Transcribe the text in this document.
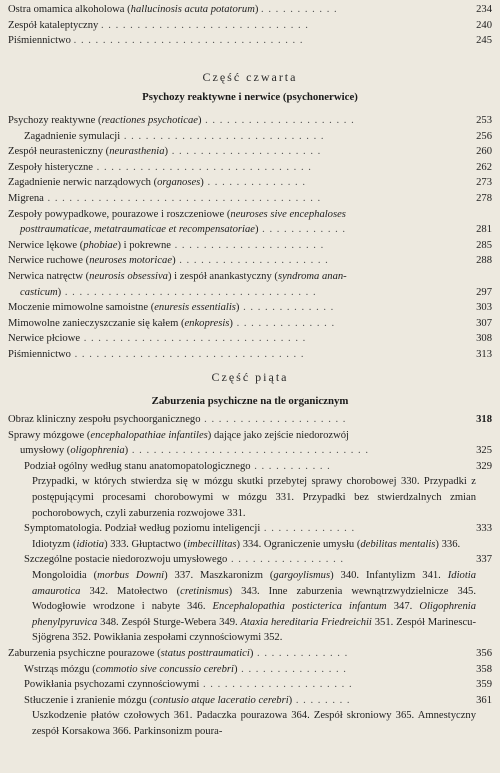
Ostra omamica alkoholowa (hallucinosis acuta potatorum) . . . . . . . . . . .	234
Zespół kataleptyczny . . . . . . . . . . . . . . . . . . . . . . . . . . . . .	240
Piśmiennictwo . . . . . . . . . . . . . . . . . . . . . . . . . . . . . . . .	245
Część czwarta
Psychozy reaktywne i nerwice (psychonerwice)
Psychozy reaktywne (reactiones psychoticae) . . . . . . . . . . . . . . . . . . . . .	253
Zagadnienie symulacji . . . . . . . . . . . . . . . . . . . . . . . . . . . .	256
Zespół neurasteniczny (neurasthenia) . . . . . . . . . . . . . . . . . . . . .	260
Zespoły histeryczne . . . . . . . . . . . . . . . . . . . . . . . . . . . . . .	262
Zagadnienie nerwic narządowych (organoses) . . . . . . . . . . . . . .	273
Migrena . . . . . . . . . . . . . . . . . . . . . . . . . . . . . . . . . . . . . .	278
Zespoły powypadkowe, pourazowe i roszczeniowe (neuroses sive encephaloses
posttraumaticae, metatraumaticae et recompensatoriae) . . . . . . . . . . . .	281
Nerwice lękowe (phobiae) i pokrewne . . . . . . . . . . . . . . . . . . . . .	285
Nerwice ruchowe (neuroses motoricae) . . . . . . . . . . . . . . . . . . . . .	288
Nerwica natręctw (neurosis obsessiva) i zespół anankastyczny (syndroma anan-
casticum) . . . . . . . . . . . . . . . . . . . . . . . . . . . . . . . . . . .	297
Moczenie mimowolne samoistne (enuresis essentialis) . . . . . . . . . . . . .	303
Mimowolne zanieczyszczanie się kałem (enkopresis) . . . . . . . . . . . . . .	307
Nerwice płciowe . . . . . . . . . . . . . . . . . . . . . . . . . . . . . . .	308
Piśmiennictwo . . . . . . . . . . . . . . . . . . . . . . . . . . . . . . . .	313
Część piąta
Zaburzenia psychiczne na tle organicznym
Obraz kliniczny zespołu psychoorganicznego . . . . . . . . . . . . . . . . . . . .	318
Sprawy mózgowe (encephalopathiae infantiles) dające jako zejście niedorozwój
umysłowy (oligophrenia) . . . . . . . . . . . . . . . . . . . . . . . . . . . . . . . . .	325
Podział ogólny według stanu anatomopatologicznego . . . . . . . . . . .	329
Przypadki, w których stwierdza się w mózgu skutki przebytej sprawy chorobowej 330. Przypadki z postępującymi procesami chorobowymi w mózgu 331. Przypadki bez stwierdzalnych zmian pochorobowych, czyli zaburzenia rozwojowe 331.
Symptomatologia. Podział według poziomu inteligencji . . . . . . . . . . . . .	333
Idiotyzm (idiotia) 333. Głuptactwo (imbecillitas) 334. Ograniczenie umysłu (debilitas mentalis) 336.
Szczególne postacie niedorozwoju umysłowego . . . . . . . . . . . . . . . .	337
Mongoloidia (morbus Downi) 337. Maszkaronizm (gargoylismus) 340. Infantylizm 341. Idiotia amaurotica 342. Matołectwo (cretinismus) 343. Inne zaburzenia wewnątrzwydzielnicze 345. Wodogłowie wrodzone i nabyte 346. Encephalopathia posticterica infantum 347. Oligophrenia phenylpyruvica 348. Zespół Sturge-Webera 349. Ataxia hereditaria Friedreichii 351. Zespół Marinescu-Sjögrena 352. Powikłania zespołami czynnościowymi 352.
Zaburzenia psychiczne pourazowe (status posttraumatici) . . . . . . . . . . . . .	356
Wstrząs mózgu (commotio sive concussio cerebri) . . . . . . . . . . . . . . .	358
Powikłania psychozami czynnościowymi . . . . . . . . . . . . . . . . . . . . .	359
Stłuczenie i zranienie mózgu (contusio atque laceratio cerebri) . . . . . . . .	361
Uszkodzenie płatów czołowych 361. Padaczka pourazowa 364. Zespół skroniowy 365. Amnestyczny zespół Korsakowa 366. Parkinsonizm poura-
